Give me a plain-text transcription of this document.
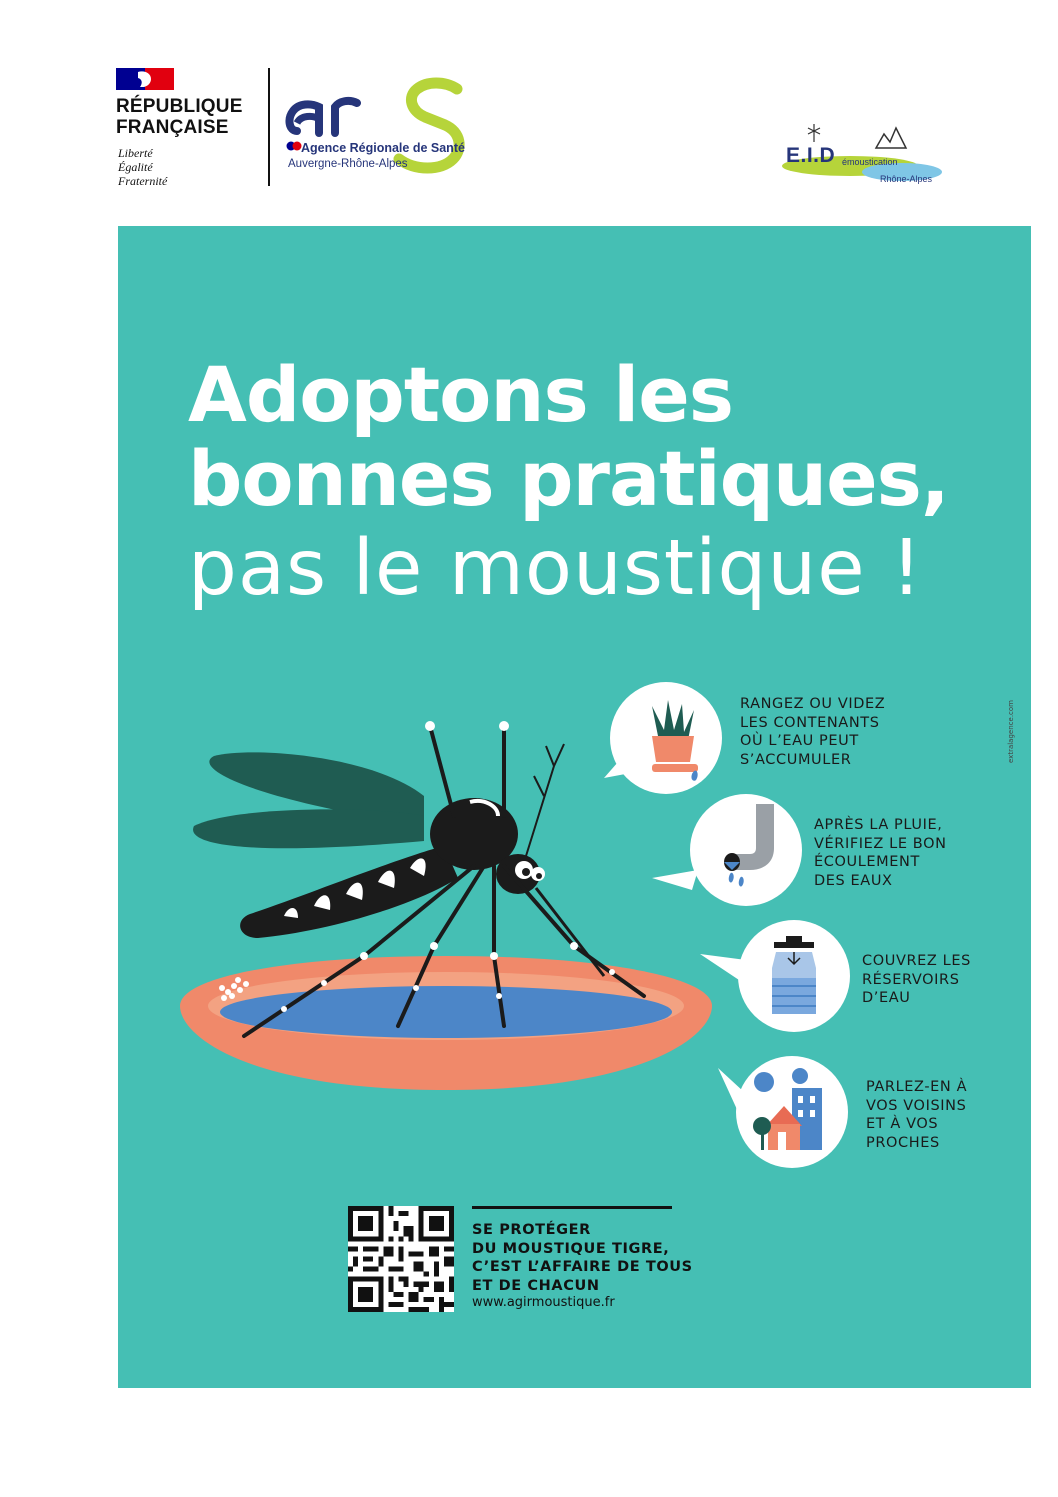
RÉPUBLIQUE
FRANÇAISE
Liberté
Égalité
Fraternité
Agence Régionale de Santé
Auvergne-Rhône-Alpes	E.I.D émoustication
Rhône-Alpes
Adoptons les
bonnes pratiques,
pas le moustique !
RANGEZ OU VIDEZ
LES CONTENANTS
OÙ L’EAU PEUT
S’ACCUMULER
APRÈS LA PLUIE,
VÉRIFIEZ LE BON
ÉCOULEMENT
DES EAUX
COUVREZ LES
RÉSERVOIRS
D’EAU
PARLEZ-EN À
VOS VOISINS
ET À VOS
PROCHES
SE PROTÉGER
DU MOUSTIQUE TIGRE,
C’EST L’AFFAIRE DE TOUS
ET DE CHACUN
www.agirmoustique.fr
extralagence.com
